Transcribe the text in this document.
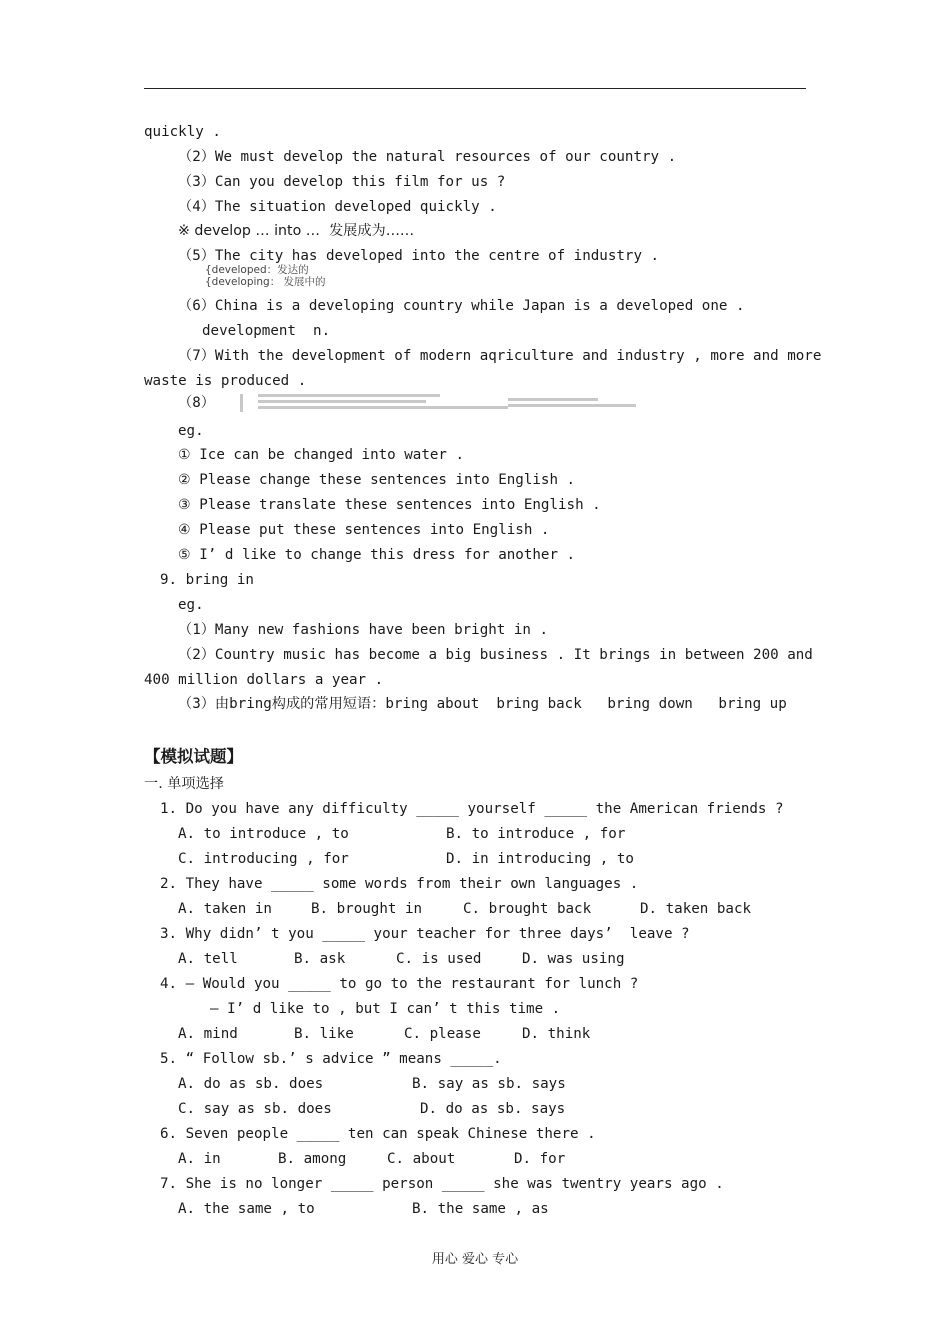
quickly .
（2）We must develop the natural resources of our country .
（3）Can you develop this film for us ?
（4）The situation developed quickly .
※ develop … into …  发展成为……
（5）The city has developed into the centre of industry .
{developed：发达的
{developing： 发展中的
（6）China is a developing country while Japan is a developed one .
development  n.
（7）With the development of modern aqriculture and industry , more and more
waste is produced .
（8）
eg.
① Ice can be changed into water .
② Please change these sentences into English .
③ Please translate these sentences into English .
④ Please put these sentences into English .
⑤ I’ d like to change this dress for another .
9. bring in
eg.
（1）Many new fashions have been bright in .
（2）Country music has become a big business . It brings in between 200 and
400 million dollars a year .
（3）由bring构成的常用短语：bring about  bring back   bring down   bring up
【模拟试题】
一. 单项选择
1. Do you have any difficulty _____ yourself _____ the American friends ?
A. to introduce , to	B. to introduce , for
C. introducing , for	D. in introducing , to
2. They have _____ some words from their own languages .
A. taken in	B. brought in	C. brought back	D. taken back
3. Why didn’ t you _____ your teacher for three days’  leave ?
A. tell	B. ask	C. is used	D. was using
4. — Would you _____ to go to the restaurant for lunch ?
— I’ d like to , but I can’ t this time .
A. mind	B. like	C. please	D. think
5. “ Follow sb.’ s advice ” means _____.
A. do as sb. does	B. say as sb. says
C. say as sb. does	D. do as sb. says
6. Seven people _____ ten can speak Chinese there .
A. in	B. among	C. about	D. for
7. She is no longer _____ person _____ she was twentry years ago .
A. the same , to	B. the same , as
用心 爱心 专心
